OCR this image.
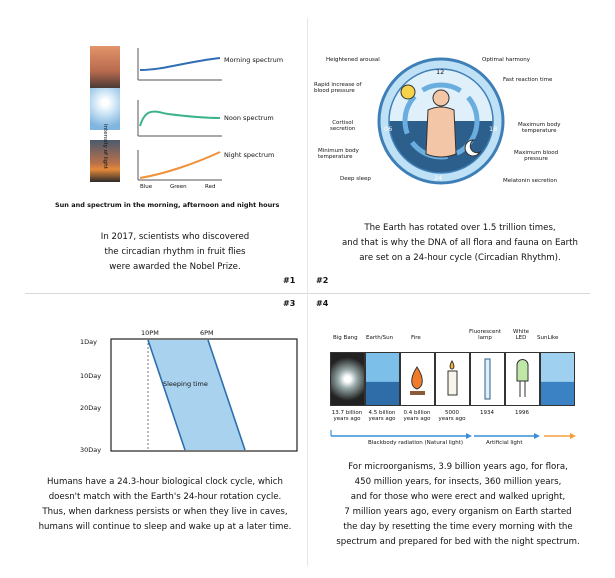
Morning spectrum
Noon spectrum
Night spectrum
Intensity of light
Blue	Green	Red
Sun and spectrum in the morning, afternoon and night hours
In 2017, scientists who discovered
the circadian rhythm in fruit flies
were awarded the Nobel Prize.
#1
12
18
24
06
Heightened arousal	Optimal harmony
Rapid increase of
blood pressure
Fast reaction time
Cortisol
secretion
Maximum body
temperature
Minimum body
temperature
Maximum blood
pressure
Deep sleep	Melatonin secretion
The Earth has rotated over 1.5 trillion times,
and that is why the DNA of all flora and fauna on Earth
are set on a 24-hour cycle (Circadian Rhythm).
#2
#3
10PM	6PM
1Day
10Day
20Day
30Day
Sleeping time
Humans have a 24.3-hour biological clock cycle, which
doesn't match with the Earth's 24-hour rotation cycle.
Thus, when darkness persists or when they live in caves,
humans will continue to sleep and wake up at a later time.
#4
Big Bang Earth/Sun	Fire
Fluorescent lamp
White LED	SunLike
13.7 billion
years ago
4.5 billion
years ago
0.4 billion
years ago
5000
years ago
1934	1996
Blackbody radiation (Natural light)	Artificial light
For microorganisms, 3.9 billion years ago, for flora,
450 million years, for insects, 360 million years,
and for those who were erect and walked upright,
7 million years ago, every organism on Earth started
the day by resetting the time every morning with the
spectrum and prepared for bed with the night spectrum.
